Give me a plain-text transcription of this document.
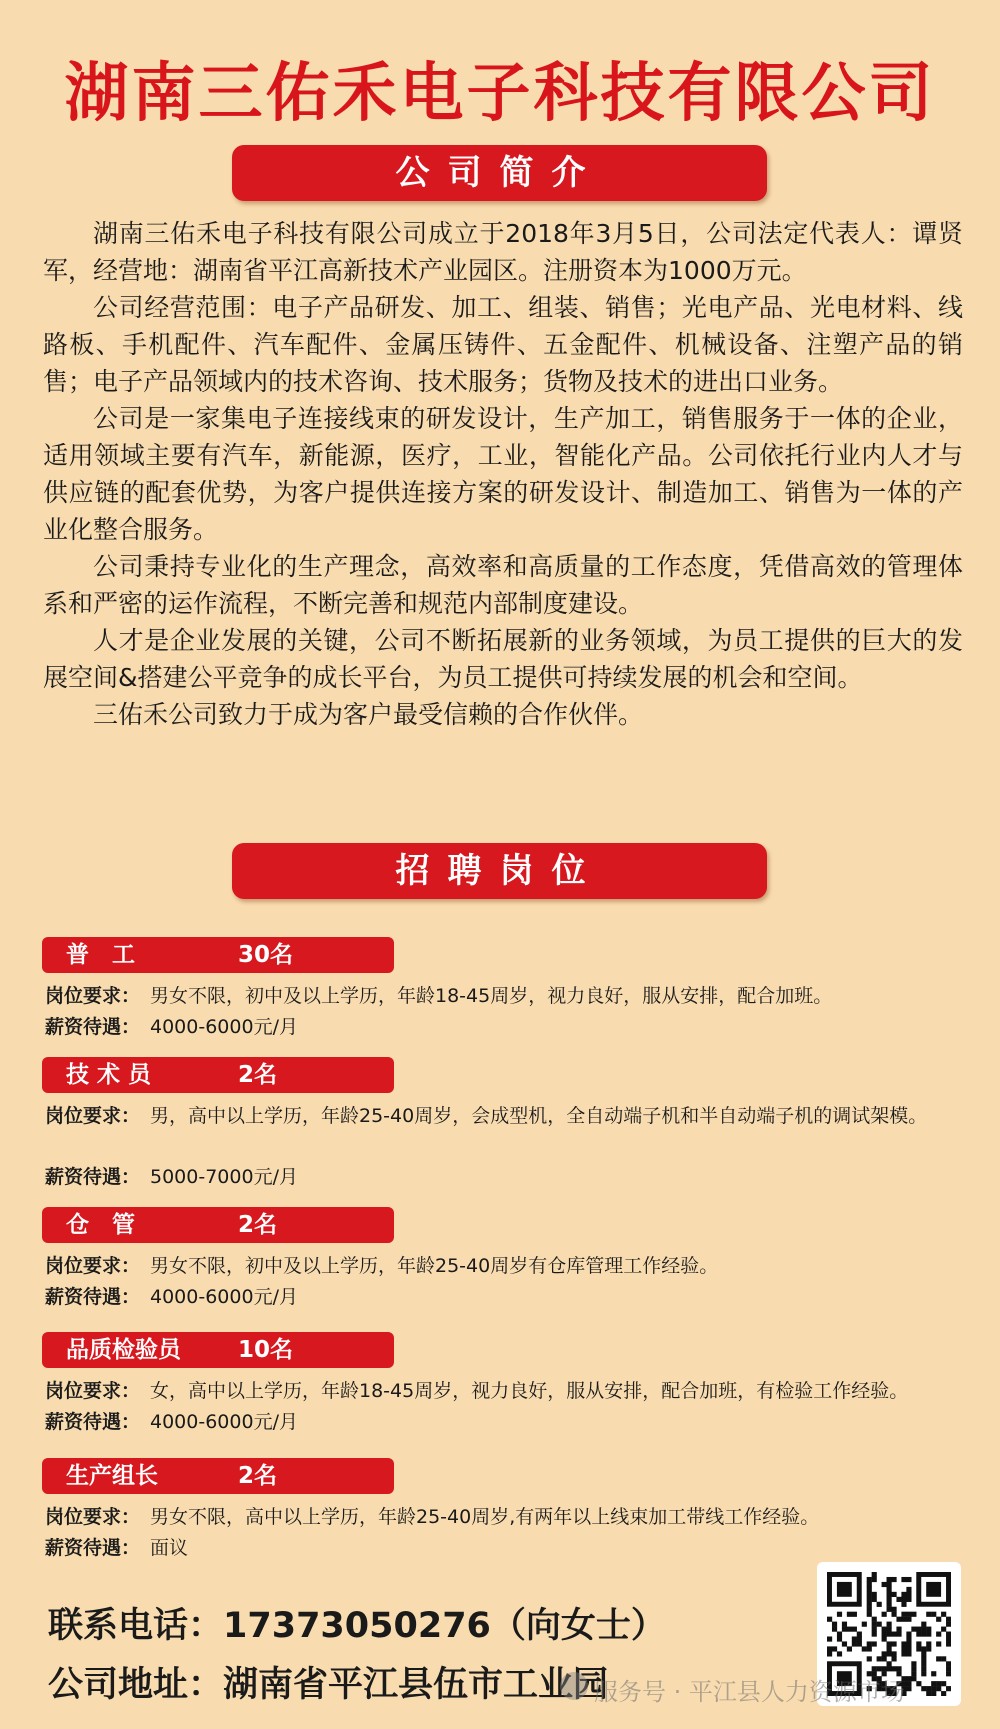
湖南三佑禾电子科技有限公司
公司简介

湖南三佑禾电子科技有限公司成立于2018年3月5日，公司法定代表人：谭贤军，经营地：湖南省平江高新技术产业园区。注册资本为1000万元。

公司经营范围：电子产品研发、加工、组装、销售；光电产品、光电材料、线路板、手机配件、汽车配件、金属压铸件、五金配件、机械设备、注塑产品的销售；电子产品领域内的技术咨询、技术服务；货物及技术的进出口业务。

公司是一家集电子连接线束的研发设计，生产加工，销售服务于一体的企业，适用领域主要有汽车，新能源，医疗，工业，智能化产品。公司依托行业内人才与供应链的配套优势，为客户提供连接方案的研发设计、制造加工、销售为一体的产业化整合服务。

公司秉持专业化的生产理念，高效率和高质量的工作态度，凭借高效的管理体系和严密的运作流程，不断完善和规范内部制度建设。

人才是企业发展的关键，公司不断拓展新的业务领域，为员工提供的巨大的发展空间&搭建公平竞争的成长平台，为员工提供可持续发展的机会和空间。

三佑禾公司致力于成为客户最受信赖的合作伙伴。

招聘岗位
普　工	30名
岗位要求： 男女不限，初中及以上学历，年龄18-45周岁，视力良好，服从安排，配合加班。
薪资待遇： 4000-6000元/月
技 术 员	2名
岗位要求： 男，高中以上学历，年龄25-40周岁，会成型机，全自动端子机和半自动端子机的调试架模。
薪资待遇： 5000-7000元/月
仓　管	2名
岗位要求： 男女不限，初中及以上学历，年龄25-40周岁有仓库管理工作经验。
薪资待遇： 4000-6000元/月
品质检验员 10名
岗位要求： 女，高中以上学历，年龄18-45周岁，视力良好，服从安排，配合加班，有检验工作经验。
薪资待遇： 4000-6000元/月
生产组长	2名
岗位要求： 男女不限，高中以上学历，年龄25-40周岁,有两年以上线束加工带线工作经验。
薪资待遇： 面议
联系电话：17373050276（向女士）
公司地址：湖南省平江县伍市工业园
服务号 · 平江县人力资源市场
